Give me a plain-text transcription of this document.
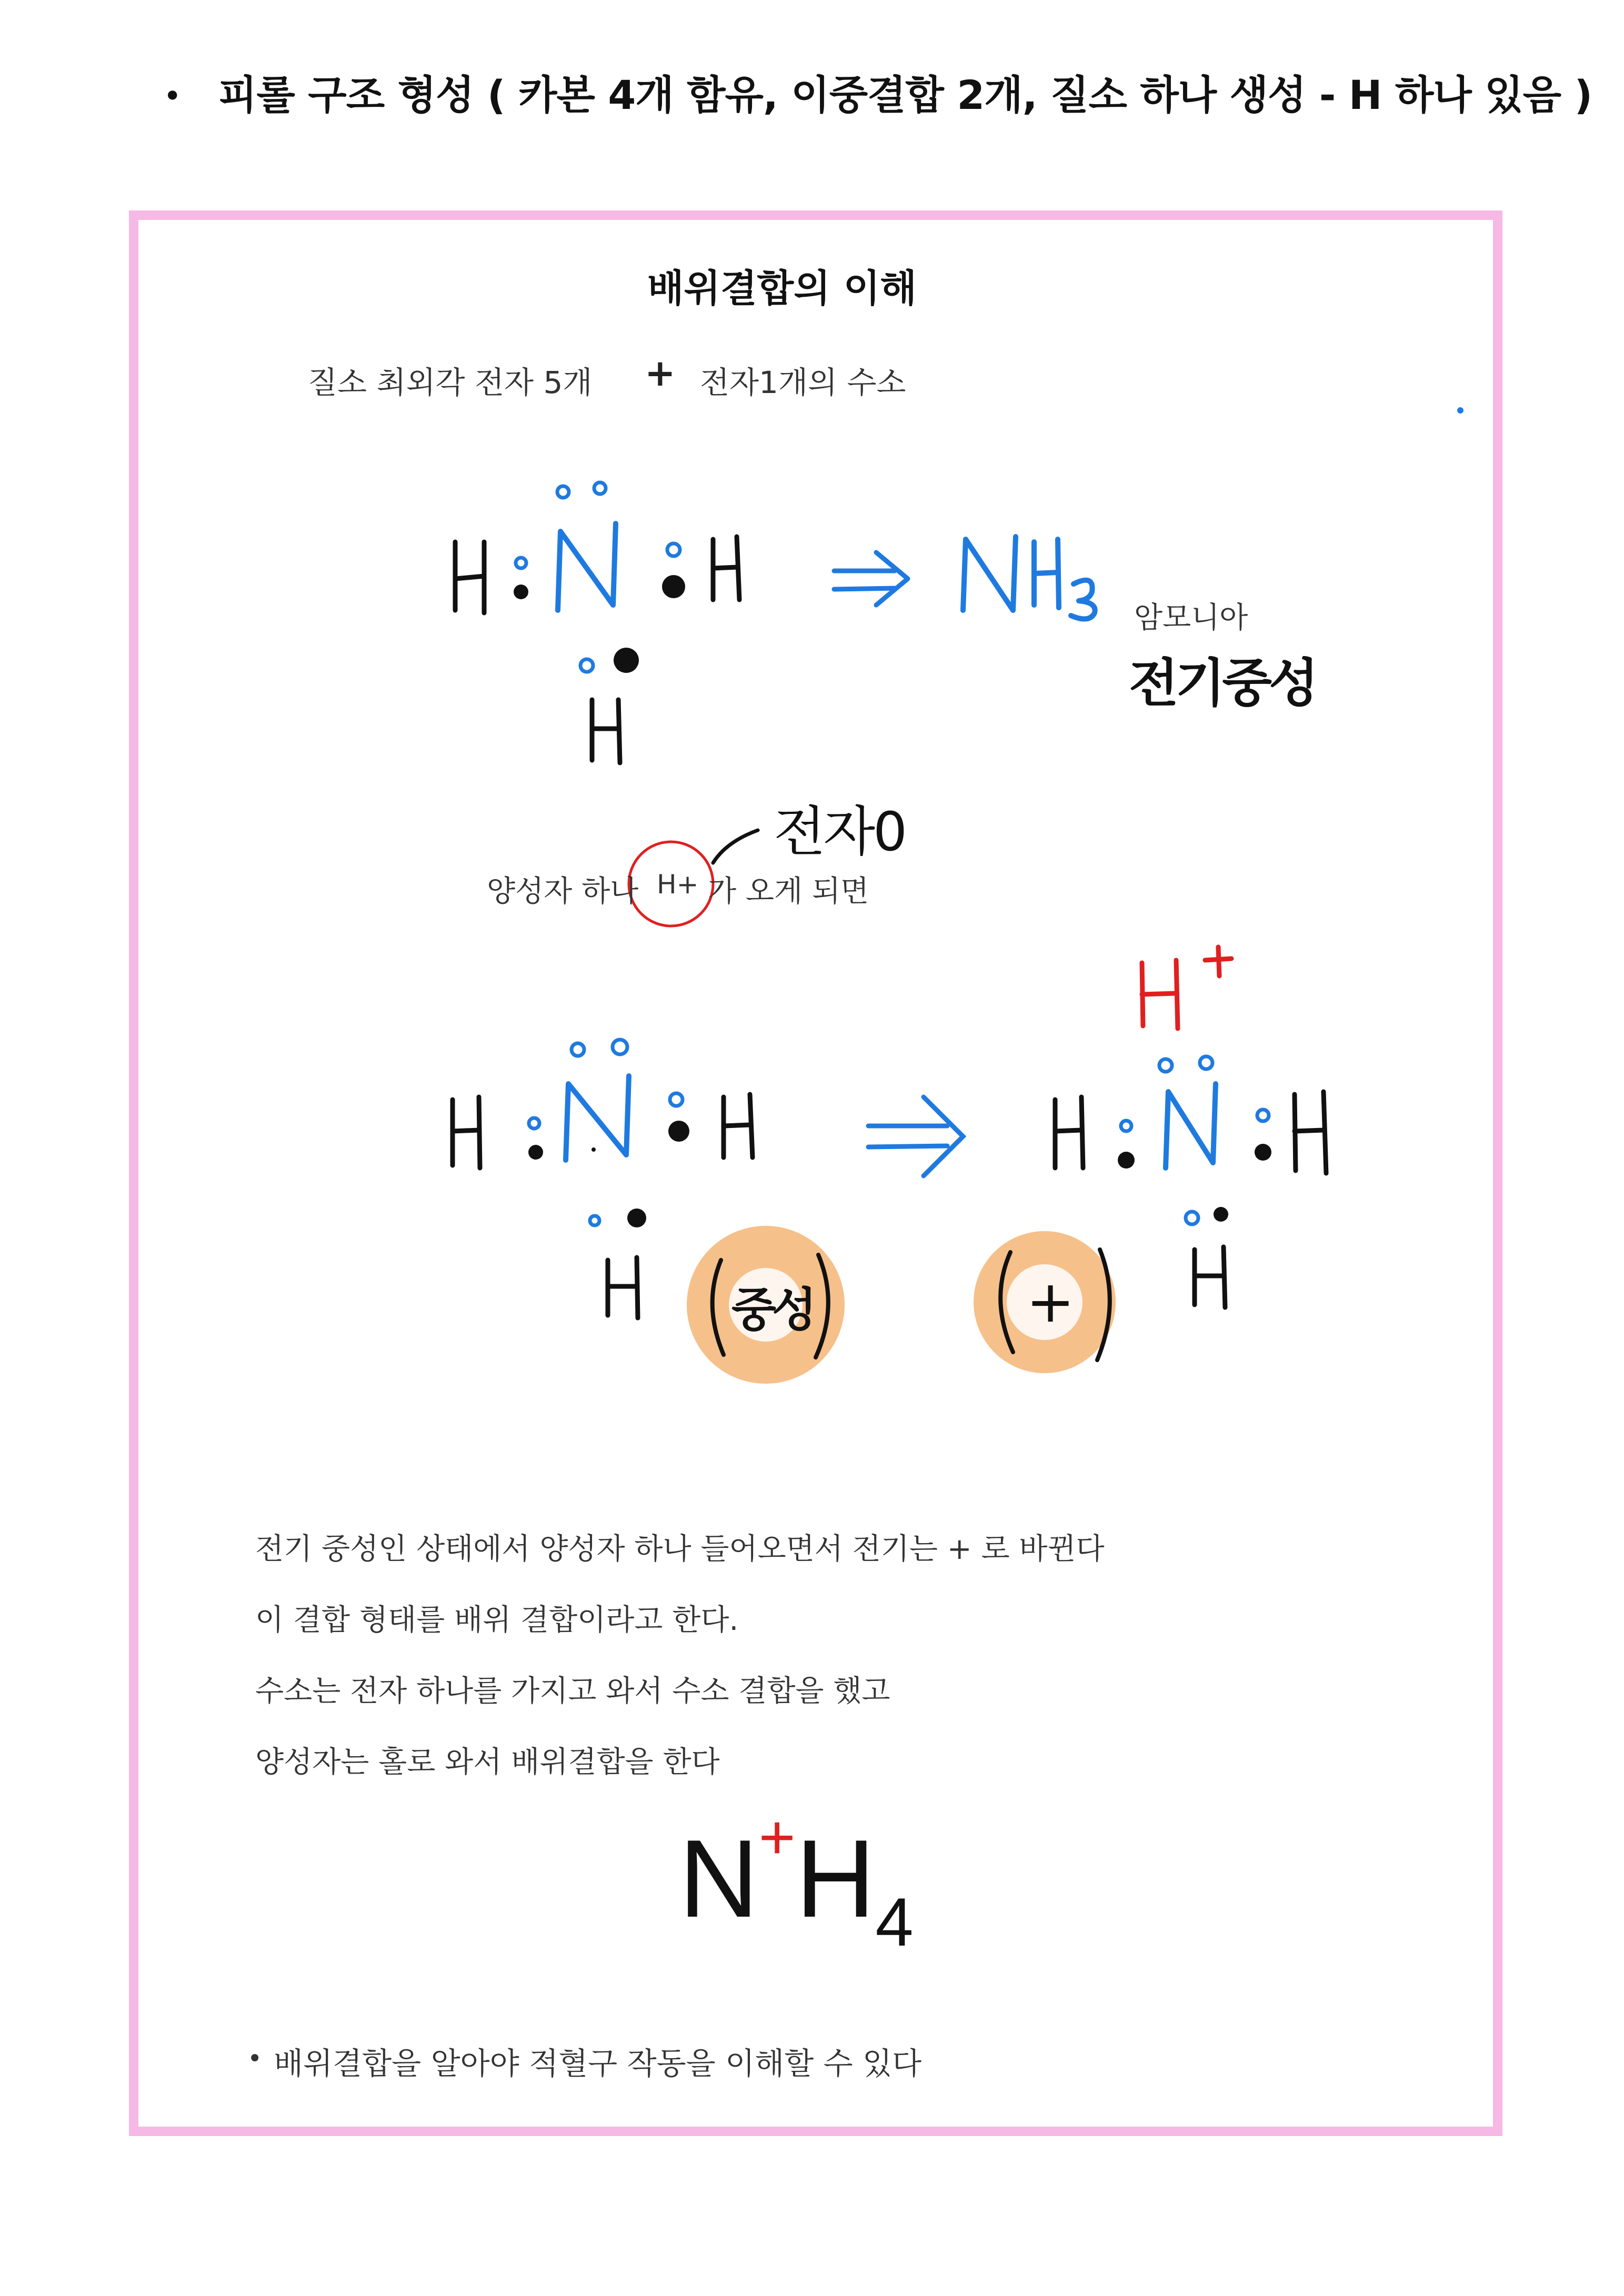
• 피롤 구조 형성 ( 카본 4개 함유, 이중결합 2개, 질소 하나 생성 - H 하나 있음 )
배위결합의 이해
질소 최외각 전자 5개 + 전자1개의 수소
암모니아
전기중성
양성자 하나 H+ 가 오게 되면
전자0
중성	+
전기 중성인 상태에서 양성자 하나 들어오면서 전기는 + 로 바뀐다
이 결합 형태를 배위 결합이라고 한다.
수소는 전자 하나를 가지고 와서 수소 결합을 했고
양성자는 홀로 와서 배위결합을 한다
N+H4
• 배위결합을 알아야 적혈구 작동을 이해할 수 있다
